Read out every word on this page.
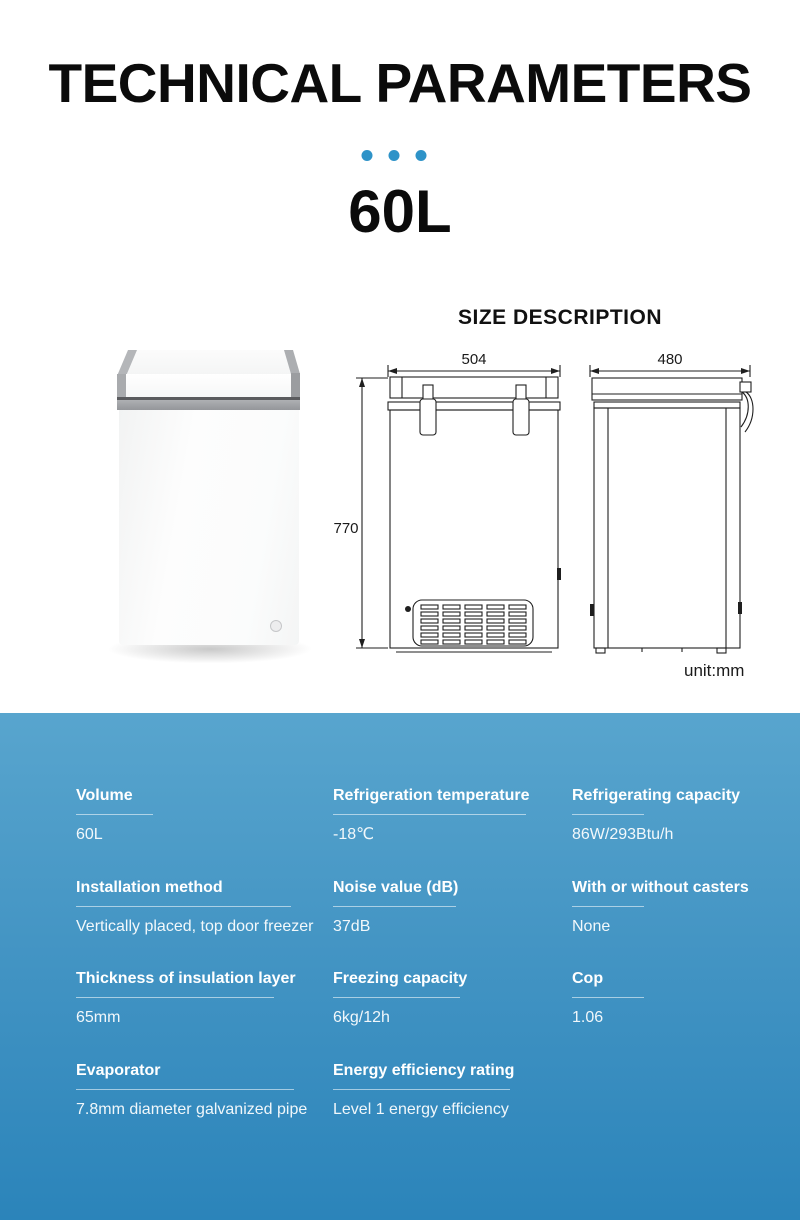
TECHNICAL PARAMETERS
60L
SIZE DESCRIPTION
504
770
480
unit:mm
Volume
60L
Refrigeration temperature
-18℃
Refrigerating capacity
86W/293Btu/h
Installation method
Vertically placed, top door freezer
Noise value (dB)
37dB
With or without casters
None
Thickness of insulation layer
65mm
Freezing capacity
6kg/12h
Cop
1.06
Evaporator
7.8mm diameter galvanized pipe
Energy efficiency rating
Level 1 energy efficiency
